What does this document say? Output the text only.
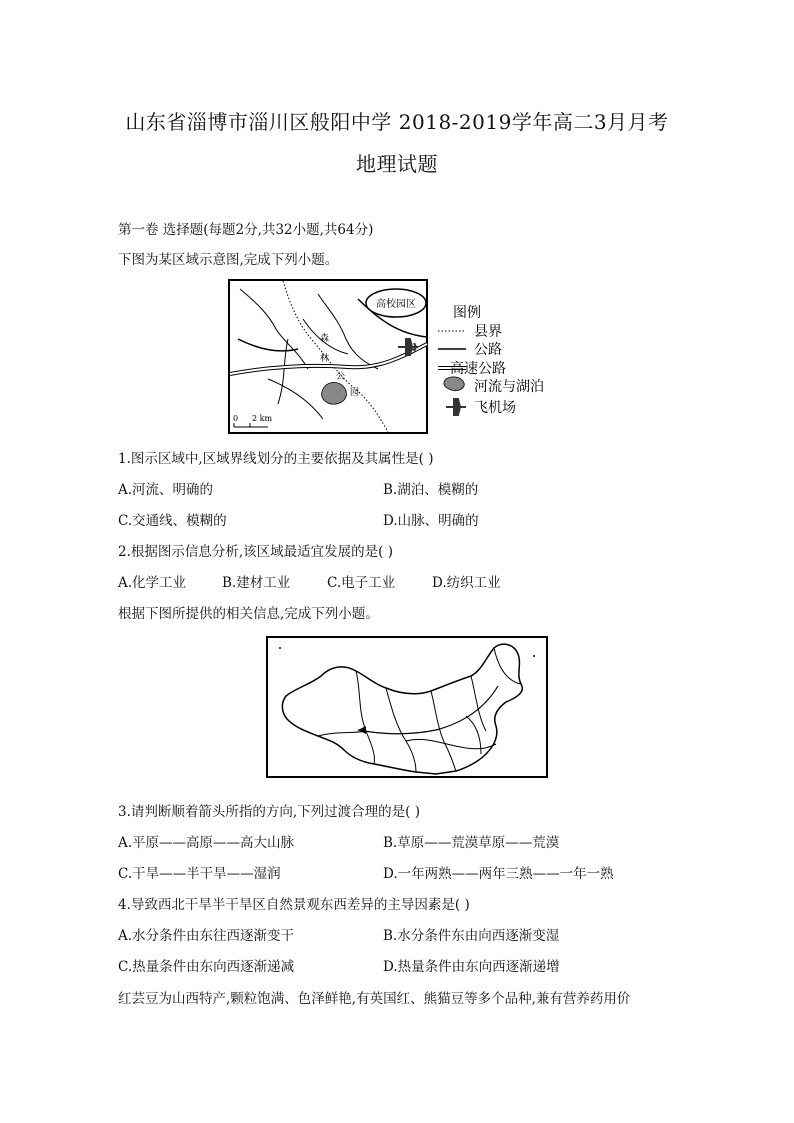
山东省淄博市淄川区般阳中学 2018-2019学年高二3月月考
地理试题
第一卷 选择题(每题2分,共32小题,共64分)
下图为某区域示意图,完成下列小题。
高校园区
森
林
公
园
0 2 km
图例
县界
公路
高速公路
河流与湖泊
飞机场
1.图示区域中,区域界线划分的主要依据及其属性是( )
A.河流、明确的	B.湖泊、模糊的
C.交通线、模糊的	D.山脉、明确的
2.根据图示信息分析,该区域最适宜发展的是( )
A.化学工业	B.建材工业	C.电子工业	D.纺织工业
根据下图所提供的相关信息,完成下列小题。
3.请判断顺着箭头所指的方向,下列过渡合理的是( )
A.平原——高原——高大山脉	B.草原——荒漠草原——荒漠
C.干旱——半干旱——湿润	D.一年两熟——两年三熟——一年一熟
4.导致西北干旱半干旱区自然景观东西差异的主导因素是( )
A.水分条件由东往西逐渐变干	B.水分条件东由向西逐渐变湿
C.热量条件由东向西逐渐递减	D.热量条件由东向西逐渐递增
红芸豆为山西特产,颗粒饱满、色泽鲜艳,有英国红、熊猫豆等多个品种,兼有营养药用价
